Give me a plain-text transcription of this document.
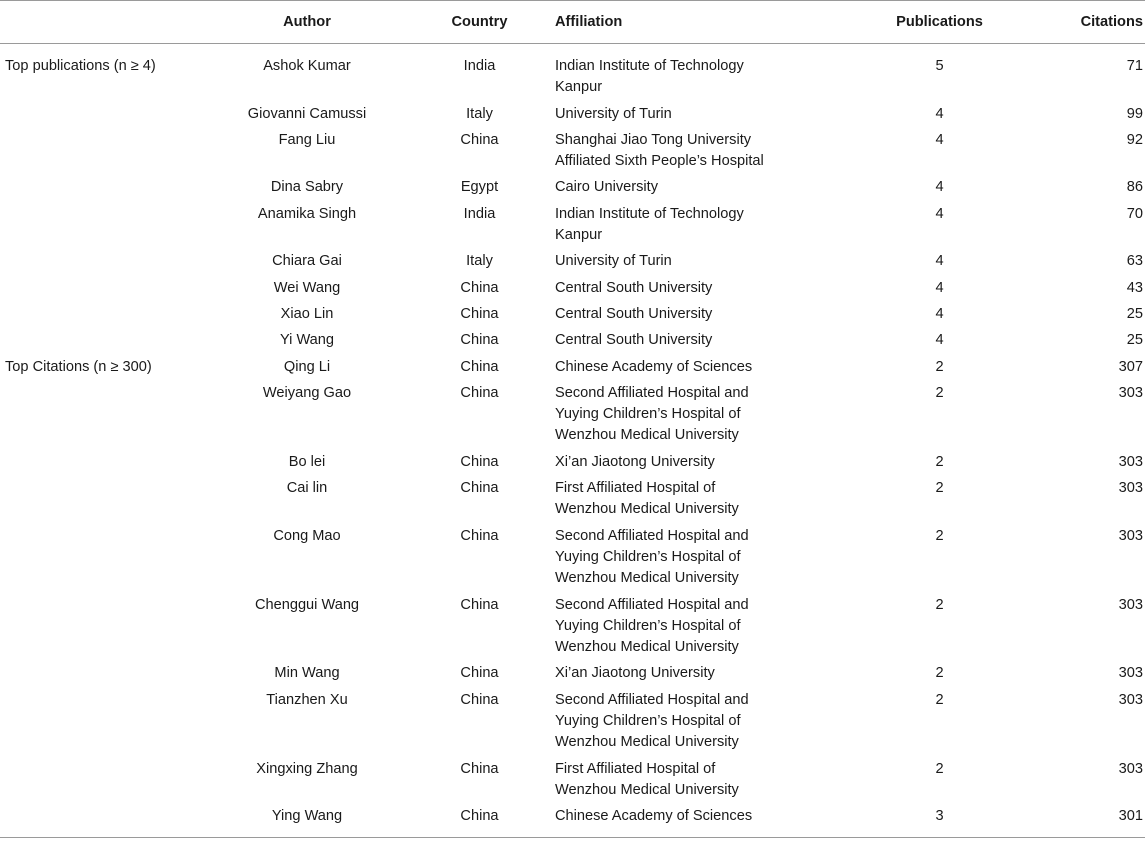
	Author	Country	Affiliation	Publications	Citations
Top publications (n ≥ 4)	Ashok Kumar	India	Indian Institute of Technology
Kanpur	5	71
	Giovanni Camussi	Italy	University of Turin	4	99
	Fang Liu	China	Shanghai Jiao Tong University
Affiliated Sixth People’s Hospital	4	92
	Dina Sabry	Egypt	Cairo University	4	86
	Anamika Singh	India	Indian Institute of Technology
Kanpur	4	70
	Chiara Gai	Italy	University of Turin	4	63
	Wei Wang	China	Central South University	4	43
	Xiao Lin	China	Central South University	4	25
	Yi Wang	China	Central South University	4	25
Top Citations (n ≥ 300)	Qing Li	China	Chinese Academy of Sciences	2	307
	Weiyang Gao	China	Second Affiliated Hospital and
Yuying Children’s Hospital of
Wenzhou Medical University	2	303
	Bo lei	China	Xi’an Jiaotong University	2	303
	Cai lin	China	First Affiliated Hospital of
Wenzhou Medical University	2	303
	Cong Mao	China	Second Affiliated Hospital and
Yuying Children’s Hospital of
Wenzhou Medical University	2	303
	Chenggui Wang	China	Second Affiliated Hospital and
Yuying Children’s Hospital of
Wenzhou Medical University	2	303
	Min Wang	China	Xi’an Jiaotong University	2	303
	Tianzhen Xu	China	Second Affiliated Hospital and
Yuying Children’s Hospital of
Wenzhou Medical University	2	303
	Xingxing Zhang	China	First Affiliated Hospital of
Wenzhou Medical University	2	303
	Ying Wang	China	Chinese Academy of Sciences	3	301
